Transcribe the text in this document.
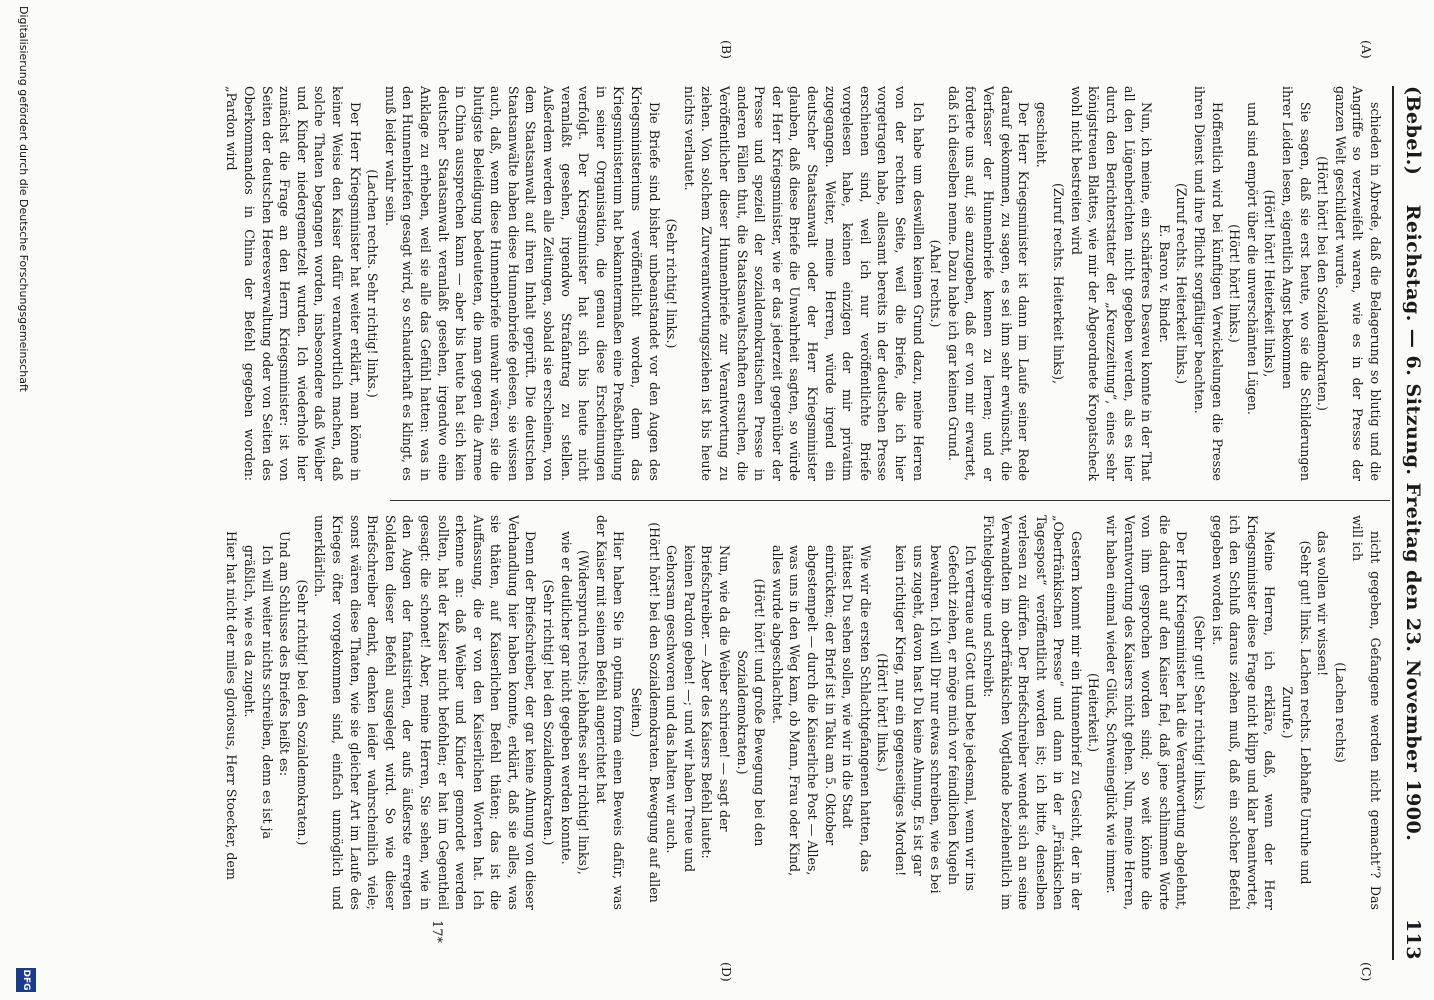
(Bebel.)
Reichstag. — 6. Sitzung. Freitag den 23. November 1900.
113
(A)
(B)
(C)
(D)

schieden in Abrede, daß die Belagerung so blutig und die Angriffe so verzweifelt waren, wie es in der Presse der ganzen Welt geschildert wurde.

(Hört! hört! bei den Sozialdemokraten.)

Sie sagen, daß sie erst heute, wo sie die Schilderungen ihrer Leiden lesen, eigentlich Angst bekommen

(Hört! hört! Heiterkeit links),

und sind empört über die unverschämten Lügen.

(Hört! hört! links.)

Hoffentlich wird bei künftigen Verwickelungen die Presse ihren Dienst und ihre Pflicht sorgfältiger beachten.

(Zuruf rechts. Heiterkeit links.)

E. Baron v. Binder.

Nun, ich meine, ein schärferes Desaveu konnte in der That all den Lügenberichten nicht gegeben werden, als es hier durch den Berichterstatter der „Kreuzzeitung“, eines sehr königstreuen Blattes, wie mir der Abgeordnete Kropatscheck wohl nicht bestreiten wird

(Zuruf rechts. Heiterkeit links),

geschieht.

Der Herr Kriegsminister ist dann im Laufe seiner Rede darauf gekommen, zu sagen, es sei ihm sehr erwünscht, die Verfasser der Hunnenbriefe kennen zu lernen; und er forderte uns auf, sie anzugeben, daß er von mir erwartet, daß ich dieselben nenne. Dazu habe ich gar keinen Grund.

(Aha! rechts.)

Ich habe um deswillen keinen Grund dazu, meine Herren von der rechten Seite, weil die Briefe, die ich hier vorgetragen habe, allesamt bereits in der deutschen Presse erschienen sind, weil ich nur veröffentlichte Briefe vorgelesen habe, keinen einzigen der mir privatim zugegangen. Weiter, meine Herren, würde irgend ein deutscher Staatsanwalt oder der Herr Kriegsminister glauben, daß diese Briefe die Unwahrheit sagten, so würde der Herr Kriegsminister, wie er das jederzeit gegenüber der Presse und speziell der sozialdemokratischen Presse in anderen Fällen thut, die Staatsanwaltschaften ersuchen, die Veröffentlicher dieser Hunnenbriefe zur Verantwortung zu ziehen. Von solchem Zurverantwortungsziehen ist bis heute nichts verlautet.

(Sehr richtig! links.)

Die Briefe sind bisher unbeanstandet vor den Augen des Kriegsministeriums veröffentlicht worden, denn das Kriegsministerium hat bekanntermaßen eine Preßabtheilung in seiner Organisation, die genau diese Erscheinungen verfolgt. Der Kriegsminister hat sich bis heute nicht veranlaßt gesehen, irgendwo Strafantrag zu stellen. Außerdem werden alle Zeitungen, sobald sie erscheinen, von dem Staatsanwalt auf ihren Inhalt geprüft. Die deutschen Staatsanwälte haben diese Hunnenbriefe gelesen, sie wissen auch, daß, wenn diese Hunnenbriefe unwahr wären, sie die blutigste Beleidigung bedeuteten, die man gegen die Armee in China aussprechen kann — aber bis heute hat sich kein deutscher Staatsanwalt veranlaßt gesehen, irgendwo eine Anklage zu erheben, weil sie alle das Gefühl hatten: was in den Hunnenbriefen gesagt wird, so schauderhaft es klingt, es muß leider wahr sein.

(Lachen rechts. Sehr richtig! links.)

Der Herr Kriegsminister hat weiter erklärt, man könne in keiner Weise den Kaiser dafür verantwortlich machen, daß solche Thaten begangen worden, insbesondere daß Weiber und Kinder niedergemetzelt wurden. Ich wiederhole hier zunächst die Frage an den Herrn Kriegsminister: ist von Seiten der deutschen Heeresverwaltung oder von Seiten des Oberkommandos in China der Befehl gegeben worden: „Pardon wird

nicht gegeben, Gefangene werden nicht gemacht“? Das will ich

(Lachen rechts)

das wollen wir wissen!

(Sehr gut! links. Lachen rechts. Lebhafte Unruhe und Zurufe.)

Meine Herren, ich erkläre, daß, wenn der Herr Kriegsminister diese Frage nicht klipp und klar beantwortet, ich den Schluß daraus ziehen muß, daß ein solcher Befehl gegeben worden ist.

(Sehr gut! Sehr richtig! links.)

Der Herr Kriegsminister hat die Verantwortung abgelehnt, die dadurch auf den Kaiser fiel, daß jene schlimmen Worte von ihm gesprochen worden sind; so weit könnte die Verantwortung des Kaisers nicht gehen. Nun, meine Herren, wir haben einmal wieder Glück, Schweineglück wie immer.

(Heiterkeit.)

Gestern kommt mir ein Hunnenbrief zu Gesicht, der in der „Oberfränkischen Presse“ und dann in der „Fränkischen Tagespost“ veröffentlicht worden ist; ich bitte, denselben verlesen zu dürfen. Der Briefschreiber wendet sich an seine Verwandten im oberfränkischen Vogtlande beziehentlich im Fichtelgebirge und schreibt:

Ich vertraue auf Gott und bete jedesmal, wenn wir ins Gefecht ziehen, er möge mich vor feindlichen Kugeln bewahren. Ich will Dir nur etwas schreiben, wie es bei uns zugeht, davon hast Du keine Ahnung. Es ist gar kein richtiger Krieg, nur ein gegenseitiges Morden!

(Hört! hört! links.)

Wie wir die ersten Schlachtgefangenen hatten, das hättest Du sehen sollen, wie wir in die Stadt einrückten; der Brief ist in Taku am 5. Oktober abgestempelt — durch die Kaiserliche Post — Alles, was uns in den Weg kam, ob Mann, Frau oder Kind, alles wurde abgeschlachtet.

(Hört! hört! und große Bewegung bei den Sozialdemokraten.)

Nun, wie da die Weiber schrieen! — sagt der Briefschreiber. — Aber des Kaisers Befehl lautet: keinen Pardon geben! —; und wir haben Treue und Gehorsam geschworen und das halten wir auch.

(Hört! hört! bei den Sozialdemokraten. Bewegung auf allen Seiten.)

Hier haben Sie in optima forma einen Beweis dafür, was der Kaiser mit seinem Befehl angerichtet hat

(Widerspruch rechts; lebhaftes sehr richtig! links),

wie er deutlicher gar nicht gegeben werden konnte.

(Sehr richtig! bei den Sozialdemokraten.)

Denn der Briefschreiber, der gar keine Ahnung von dieser Verhandlung hier haben konnte, erklärt, daß sie alles, was sie thäten, auf Kaiserlichen Befehl thäten; das ist die Auffassung, die er von den Kaiserlichen Worten hat. Ich erkenne an: daß Weiber und Kinder gemordet werden sollten, hat der Kaiser nicht befohlen; er hat im Gegentheil gesagt: die schonet! Aber, meine Herren, Sie sehen, wie in den Augen der fanatisirten, der aufs äußerste erregten Soldaten dieser Befehl ausgelegt wird. So wie dieser Briefschreiber denkt, denken leider wahrscheinlich viele; sonst wären diese Thaten, wie sie gleicher Art im Laufe des Krieges öfter vorgekommen sind, einfach unmöglich und unerklärlich.

(Sehr richtig! bei den Sozialdemokraten.)

Und am Schlusse des Briefes heißt es:

Ich will weiter nichts schreiben, denn es ist ja gräßlich, wie es da zugeht.

Hier hat nicht der miles gloriosus, Herr Stoecker, dem

17*
Digitalisierung gefördert durch die Deutsche Forschungsgemeinschaft
DFG
